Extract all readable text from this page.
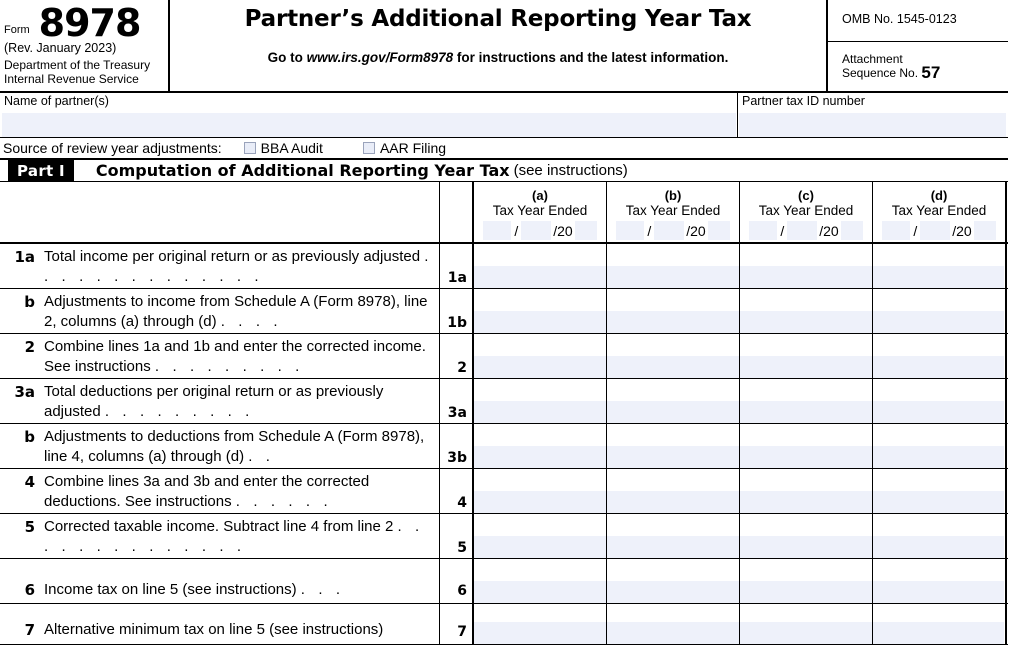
Form 8978
(Rev. January 2023)
Department of the Treasury
Internal Revenue Service
Partner’s Additional Reporting Year Tax
Go to www.irs.gov/Form8978 for instructions and the latest information.
OMB No. 1545-0123
Attachment
Sequence No. 57
Name of partner(s)	Partner tax ID number
Source of review year adjustments:	BBA Audit	AAR Filing
Part I	Computation of Additional Reporting Year Tax (see instructions)
(a)
Tax Year Ended
/	/20
(b)
Tax Year Ended
/	/20
(c)
Tax Year Ended
/	/20
(d)
Tax Year Ended
/	/20
1a Total income per original return or as previously adjusted . . . . . . . . . . . . . .	1a
b Adjustments to income from Schedule A (Form 8978), line 2, columns (a) through (d) . . . .	1b
2 Combine lines 1a and 1b and enter the corrected income. See instructions . . . . . . . . .	2
3a Total deductions per original return or as previously adjusted . . . . . . . . .	3a
b Adjustments to deductions from Schedule A (Form 8978), line 4, columns (a) through (d) . .	3b
4 Combine lines 3a and 3b and enter the corrected deductions. See instructions . . . . . .	4
5 Corrected taxable income. Subtract line 4 from line 2 . . . . . . . . . . . . . .	5
6 Income tax on line 5 (see instructions) . . .	6
7 Alternative minimum tax on line 5 (see instructions)	7
